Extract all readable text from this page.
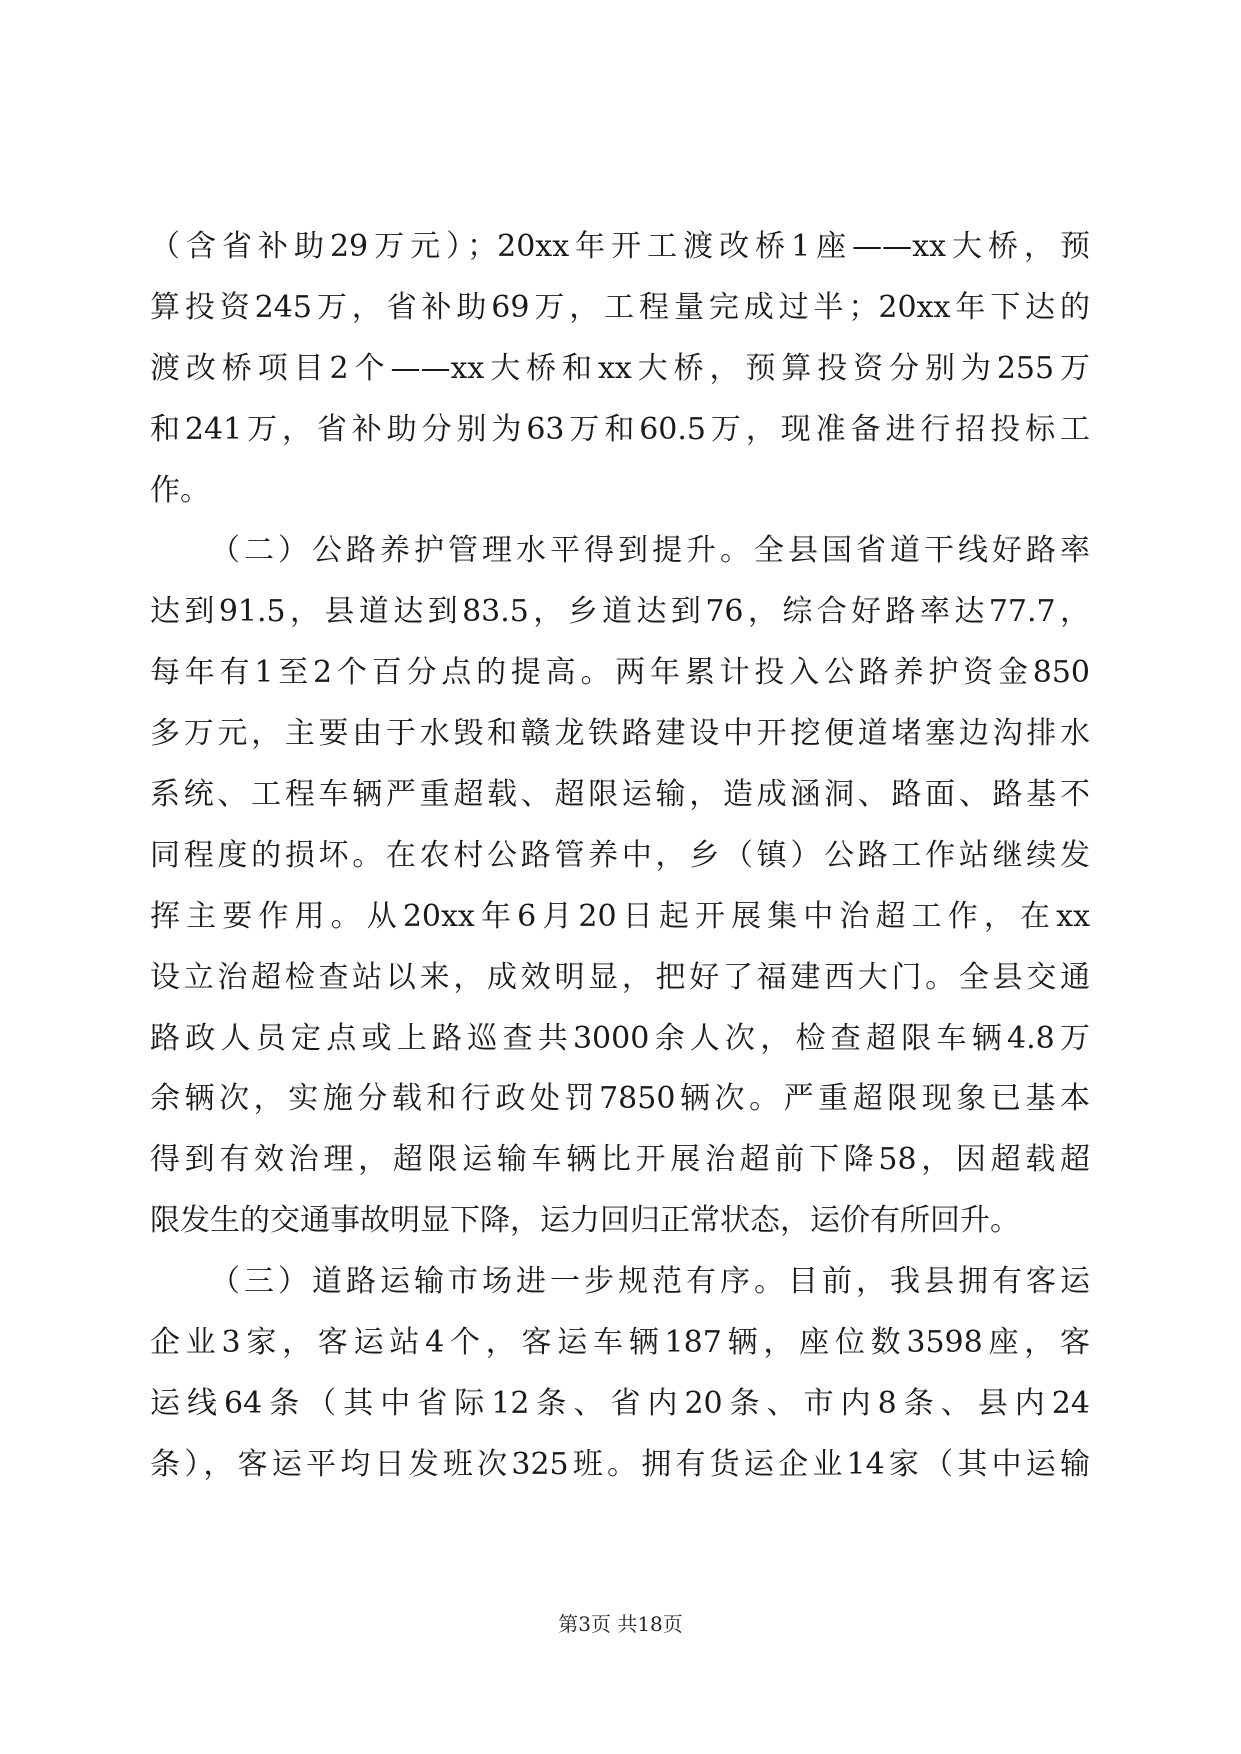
（含省补助29万元）；20xx年开工渡改桥1座——xx大桥，预
算投资245万，省补助69万，工程量完成过半；20xx年下达的
渡改桥项目2个——xx大桥和xx大桥，预算投资分别为255万
和241万，省补助分别为63万和60.5万，现准备进行招投标工
作。
（二）公路养护管理水平得到提升。全县国省道干线好路率
达到91.5，县道达到83.5，乡道达到76，综合好路率达77.7，
每年有1至2个百分点的提高。两年累计投入公路养护资金850
多万元，主要由于水毁和赣龙铁路建设中开挖便道堵塞边沟排水
系统、工程车辆严重超载、超限运输，造成涵洞、路面、路基不
同程度的损坏。在农村公路管养中，乡（镇）公路工作站继续发
挥主要作用。从20xx年6月20日起开展集中治超工作，在xx
设立治超检查站以来，成效明显，把好了福建西大门。全县交通
路政人员定点或上路巡查共3000余人次，检查超限车辆4.8万
余辆次，实施分载和行政处罚7850辆次。严重超限现象已基本
得到有效治理，超限运输车辆比开展治超前下降58，因超载超
限发生的交通事故明显下降，运力回归正常状态，运价有所回升。
（三）道路运输市场进一步规范有序。目前，我县拥有客运
企业3家，客运站4个，客运车辆187辆，座位数3598座，客
运线64条（其中省际12条、省内20条、市内8条、县内24
条），客运平均日发班次325班。拥有货运企业14家（其中运输
第3页 共18页
